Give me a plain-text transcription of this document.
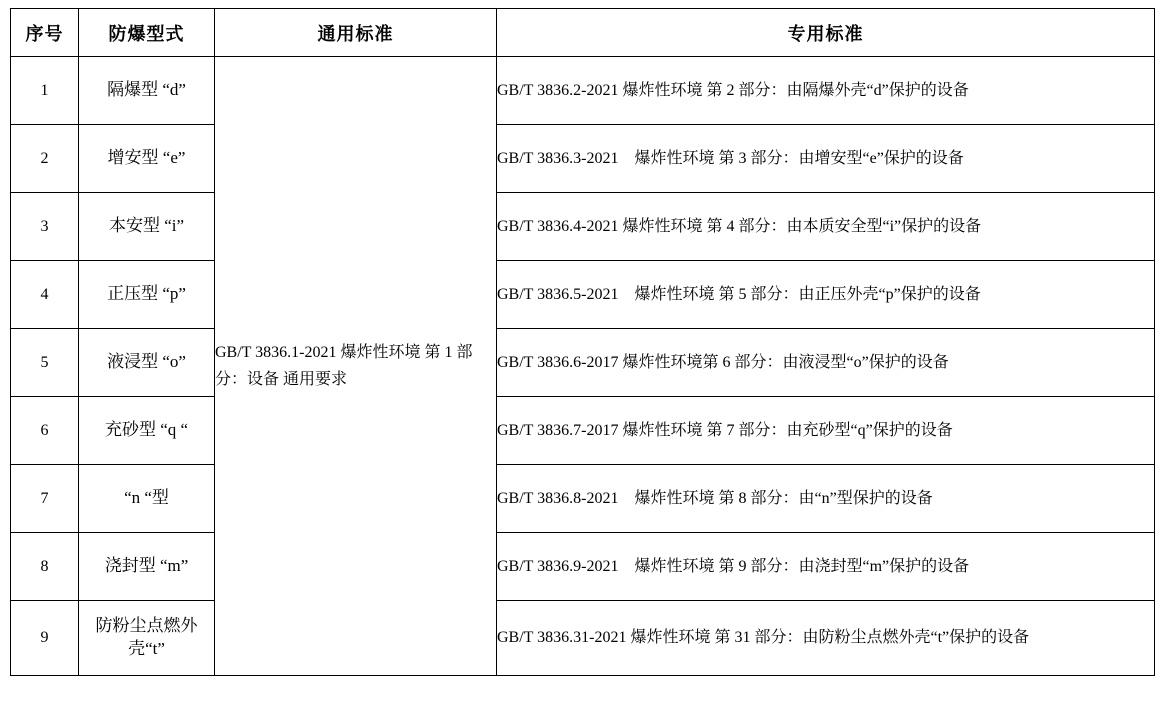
序号	防爆型式	通用标准	专用标准
1	隔爆型 “d”	GB/T 3836.1-2021 爆炸性环境 第 1 部分：设备 通用要求	GB/T 3836.2-2021 爆炸性环境 第 2 部分：由隔爆外壳“d”保护的设备
2	增安型 “e”		GB/T 3836.3-2021　爆炸性环境 第 3 部分：由增安型“e”保护的设备
3	本安型 “i”		GB/T 3836.4-2021 爆炸性环境 第 4 部分：由本质安全型“i”保护的设备
4	正压型 “p”		GB/T 3836.5-2021　爆炸性环境 第 5 部分：由正压外壳“p”保护的设备
5	液浸型 “o”		GB/T 3836.6-2017 爆炸性环境第 6 部分：由液浸型“o”保护的设备
6	充砂型 “q “		GB/T 3836.7-2017 爆炸性环境 第 7 部分：由充砂型“q”保护的设备
7	“n “型		GB/T 3836.8-2021　爆炸性环境 第 8 部分：由“n”型保护的设备
8	浇封型 “m”		GB/T 3836.9-2021　爆炸性环境 第 9 部分：由浇封型“m”保护的设备
9	防粉尘点燃外壳“t”		GB/T 3836.31-2021 爆炸性环境 第 31 部分：由防粉尘点燃外壳“t”保护的设备
